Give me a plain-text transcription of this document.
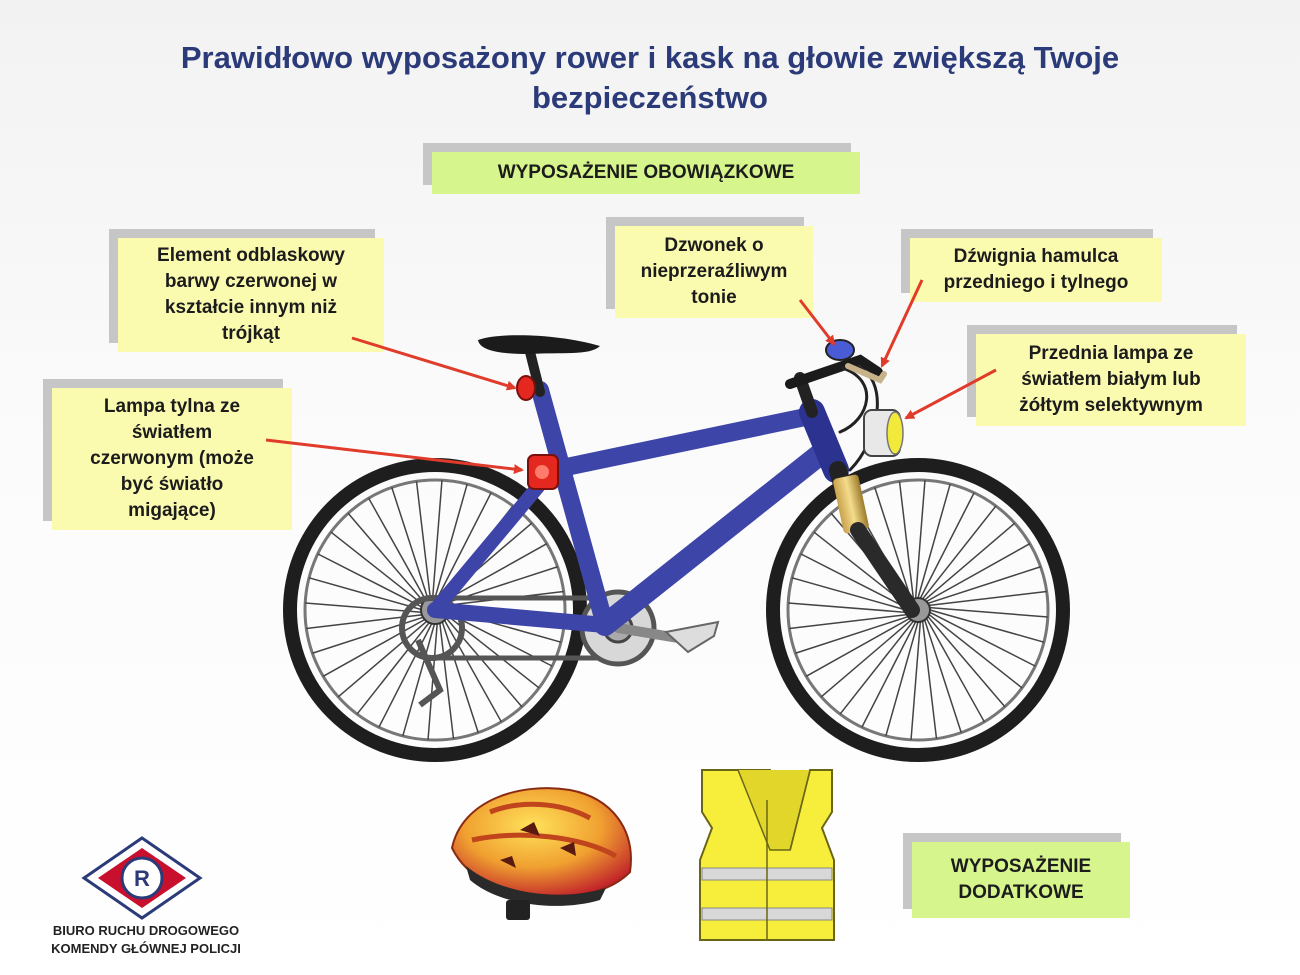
Prawidłowo wyposażony rower i kask na głowie zwiększą Twoje
bezpieczeństwo
WYPOSAŻENIE OBOWIĄZKOWE
Element odblaskowy
barwy czerwonej w
kształcie innym niż
trójkąt
Lampa tylna ze
światłem
czerwonym (może
być światło
migające)
Dzwonek o
nieprzeraźliwym
tonie
Dźwignia hamulca
przedniego i tylnego
Przednia lampa ze
światłem białym lub
żółtym selektywnym
WYPOSAŻENIE
DODATKOWE
R
BIURO RUCHU DROGOWEGO
KOMENDY GŁÓWNEJ POLICJI
